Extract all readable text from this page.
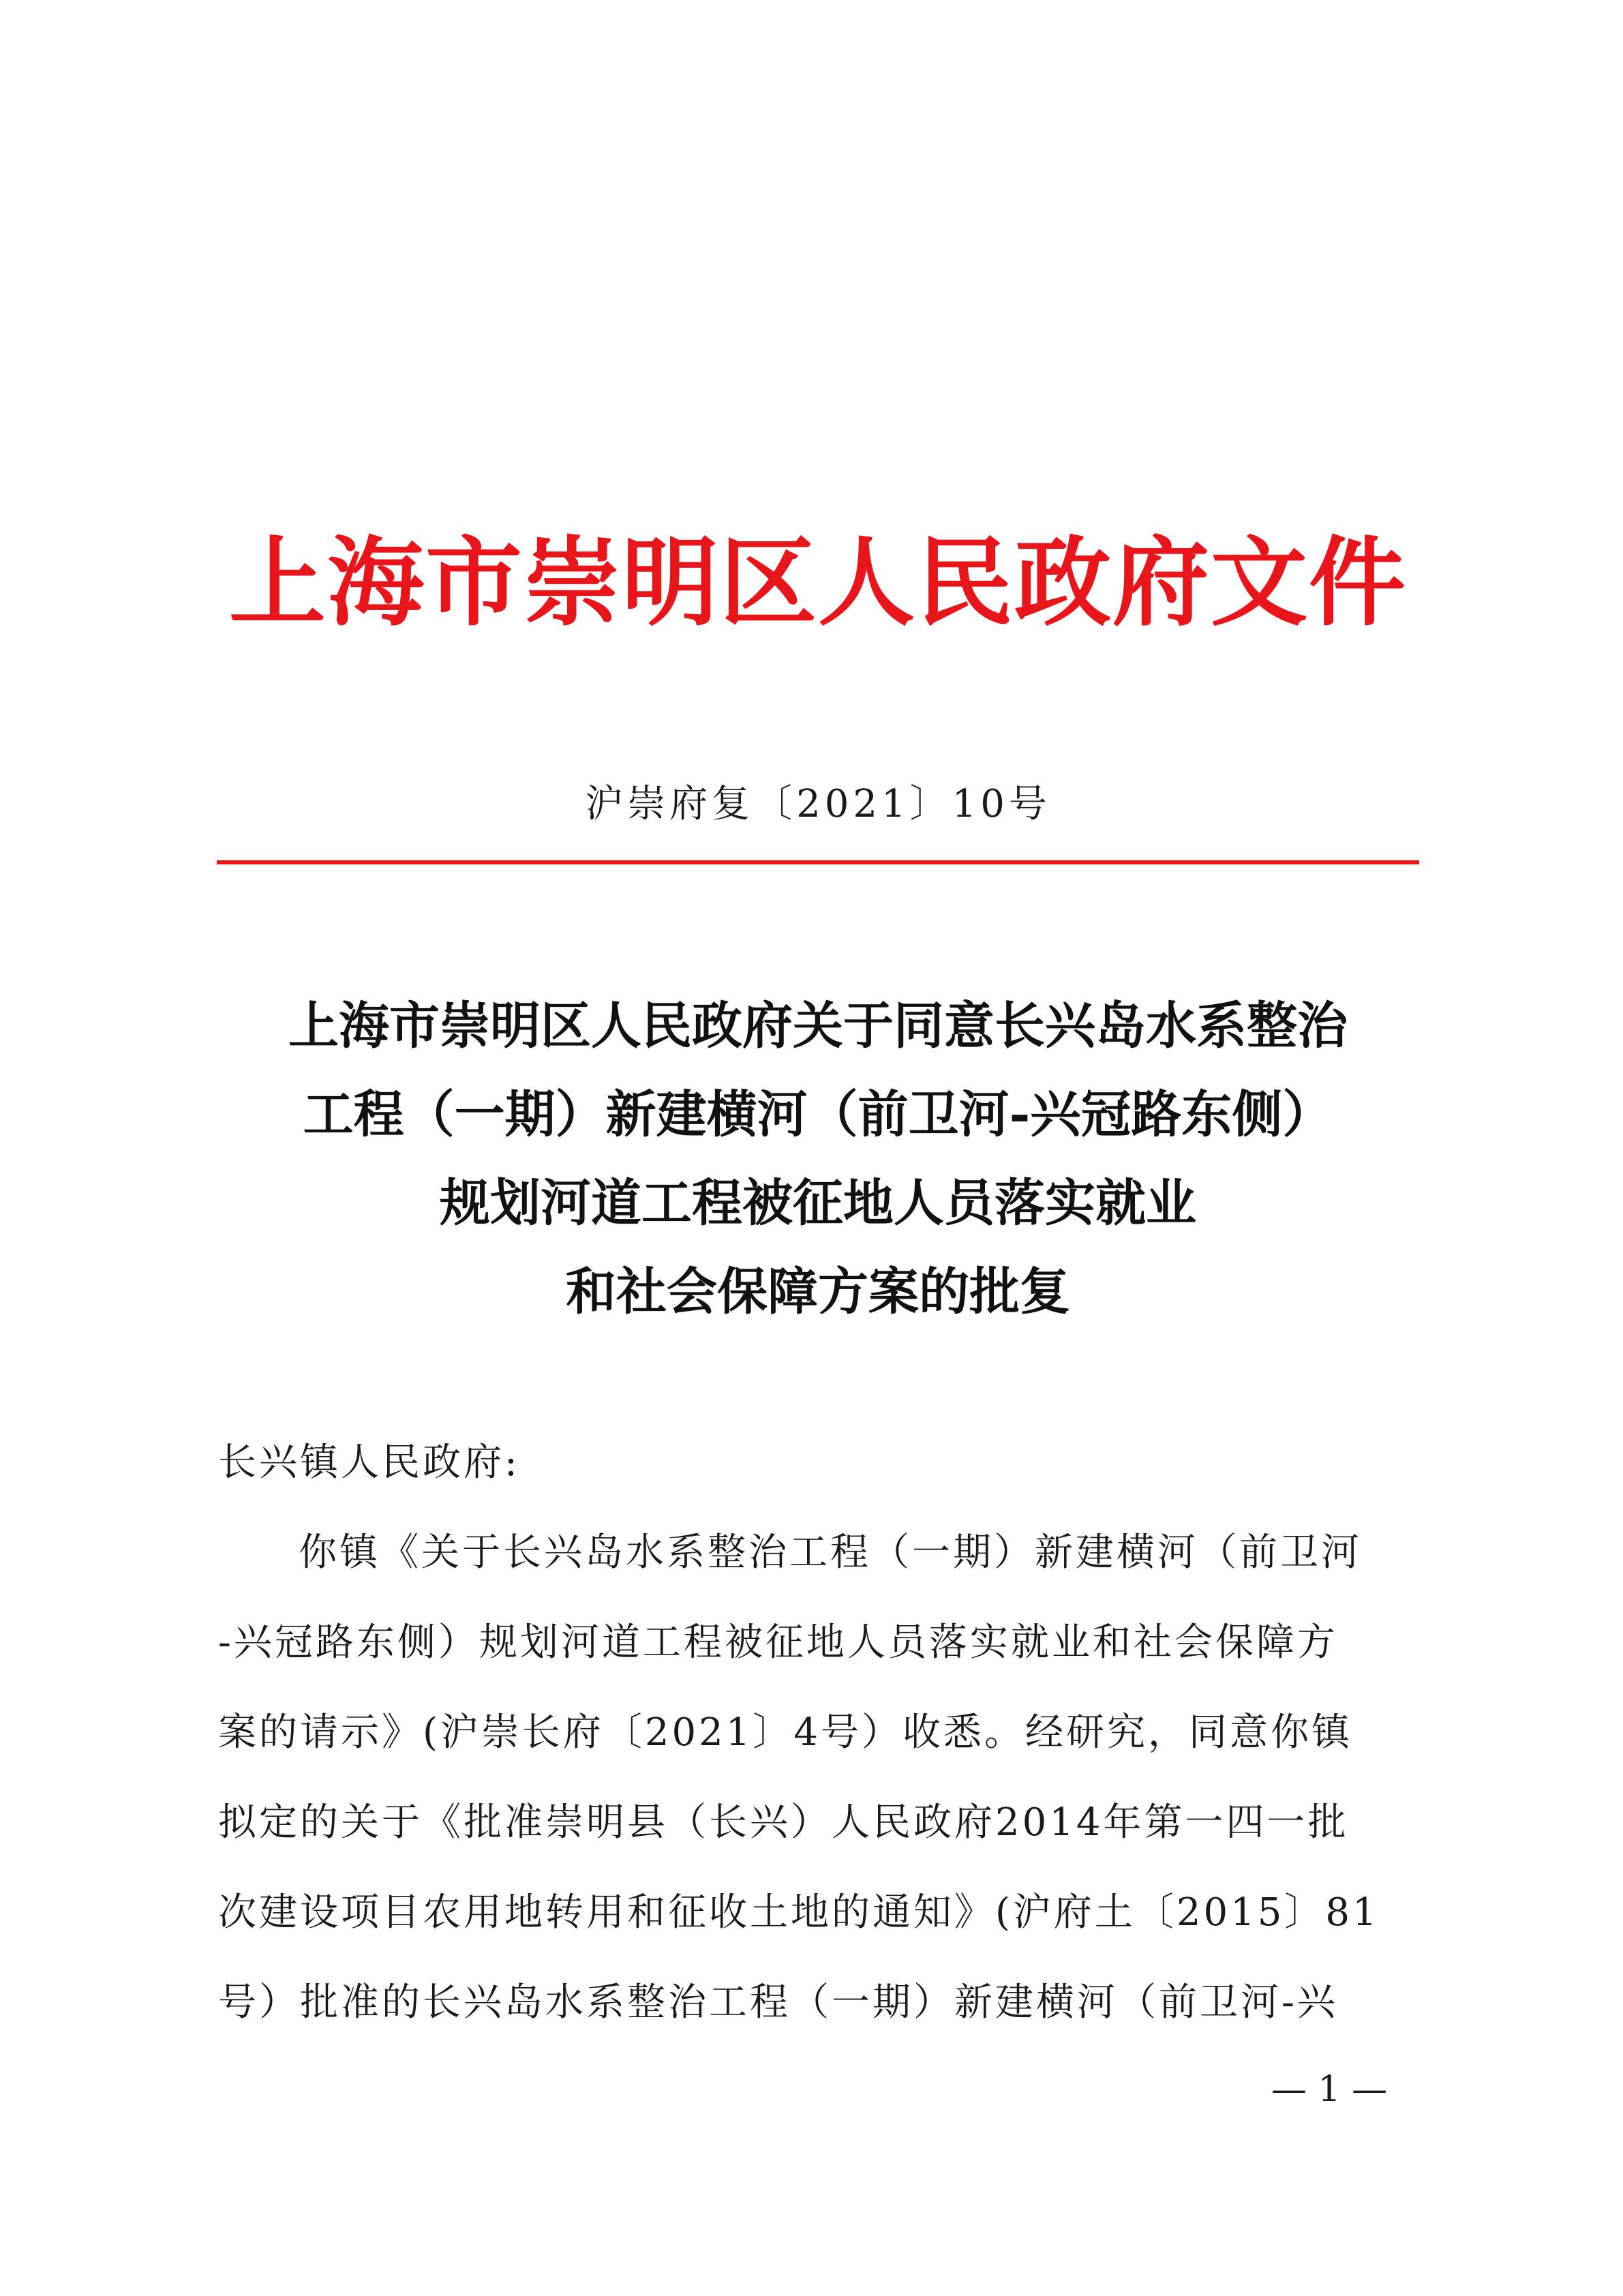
上海市崇明区人民政府文件
沪崇府复〔2021〕10号
上海市崇明区人民政府关于同意长兴岛水系整治
工程（一期）新建横河（前卫河-兴冠路东侧）
规划河道工程被征地人员落实就业
和社会保障方案的批复
长兴镇人民政府:
你镇《关于长兴岛水系整治工程（一期）新建横河（前卫河
-兴冠路东侧）规划河道工程被征地人员落实就业和社会保障方
案的请示》(沪崇长府〔2021〕4号）收悉。经研究，同意你镇
拟定的关于《批准崇明县（长兴）人民政府2014年第一四一批
次建设项目农用地转用和征收土地的通知》(沪府土〔2015〕81
号）批准的长兴岛水系整治工程（一期）新建横河（前卫河-兴
— 1 —
